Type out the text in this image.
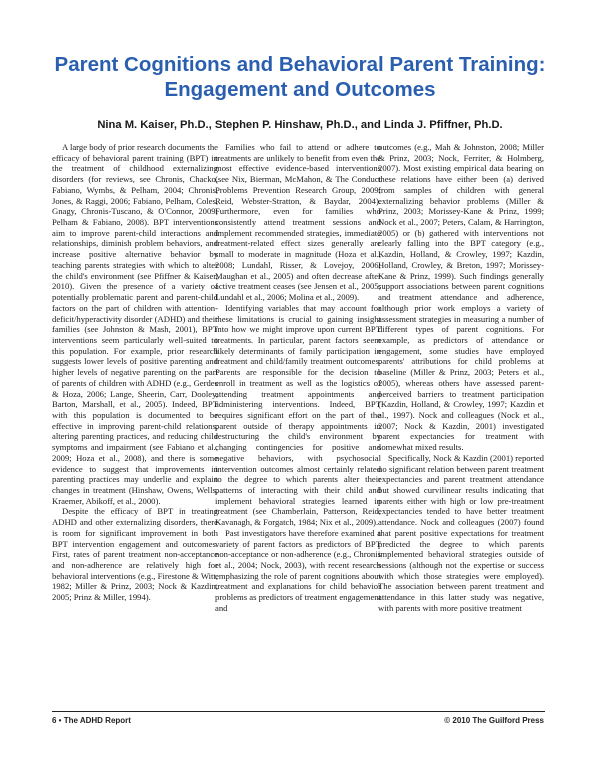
Parent Cognitions and Behavioral Parent Training: Engagement and Outcomes
Nina M. Kaiser, Ph.D., Stephen P. Hinshaw, Ph.D., and Linda J. Pfiffner, Ph.D.

A large body of prior research documents the efficacy of behavioral parent training (BPT) in the treatment of childhood externalizing disorders (for reviews, see Chronis, Chacko, Fabiano, Wymbs, & Pelham, 2004; Chronis, Jones, & Raggi, 2006; Fabiano, Pelham, Coles, Gnagy, Chronis-Tuscano, & O'Connor, 2009; Pelham & Fabiano, 2008). BPT interventions aim to improve parent-child interactions and relationships, diminish problem behaviors, and increase positive alternative behavior by teaching parents strategies with which to alter the child's environment (see Pfiffner & Kaiser, 2010). Given the presence of a variety of potentially problematic parent and parent-child factors on the part of children with attention-deficit/hyperactivity disorder (ADHD) and their families (see Johnston & Mash, 2001), BPT interventions seem particularly well-suited to this population. For example, prior research suggests lower levels of positive parenting and higher levels of negative parenting on the part of parents of children with ADHD (e.g., Gerdes & Hoza, 2006; Lange, Sheerin, Carr, Dooley, Barton, Marshall, et al., 2005). Indeed, BPT with this population is documented to be effective in improving parent-child relations, altering parenting practices, and reducing child symptoms and impairment (see Fabiano et al., 2009; Hoza et al., 2008), and there is some evidence to suggest that improvements in parenting practices may underlie and explain changes in treatment (Hinshaw, Owens, Wells, Kraemer, Abikoff, et al., 2000).

Despite the efficacy of BPT in treating ADHD and other externalizing disorders, there is room for significant improvement in both BPT intervention engagement and outcomes. First, rates of parent treatment non-acceptance and non-adherence are relatively high for behavioral interventions (e.g., Firestone & Witt, 1982; Miller & Prinz, 2003; Nock & Kazdin, 2005; Prinz & Miller, 1994).

Families who fail to attend or adhere to treatments are unlikely to benefit from even the most effective evidence-based interventions (see Nix, Bierman, McMahon, & The Conduct Problems Prevention Research Group, 2009; Reid, Webster-Stratton, & Baydar, 2004). Furthermore, even for families who consistently attend treatment sessions and implement recommended strategies, immediate treatment-related effect sizes generally are small to moderate in magnitude (Hoza et al., 2008; Lundahl, Risser, & Lovejoy, 2006; Maughan et al., 2005) and often decrease after active treatment ceases (see Jensen et al., 2005; Lundahl et al., 2006; Molina et al., 2009).

Identifying variables that may account for these limitations is crucial to gaining insight into how we might improve upon current BPT treatments. In particular, parent factors seem likely determinants of family participation in treatment and child/family treatment outcomes. Parents are responsible for the decision to enroll in treatment as well as the logistics of attending treatment appointments and administering interventions. Indeed, BPT requires significant effort on the part of the parent outside of therapy appointments in restructuring the child's environment by changing contingencies for positive and negative behaviors, with psychosocial intervention outcomes almost certainly related to the degree to which parents alter their patterns of interacting with their child and implement behavioral strategies learned in treatment (see Chamberlain, Patterson, Reid, Kavanagh, & Forgatch, 1984; Nix et al., 2009).

Past investigators have therefore examined a variety of parent factors as predictors of BPT non-acceptance or non-adherence (e.g., Chronis et al., 2004; Nock, 2003), with recent research emphasizing the role of parent cognitions about treatment and explanations for child behavior problems as predictors of treatment engagement and

outcomes (e.g., Mah & Johnston, 2008; Miller & Prinz, 2003; Nock, Ferriter, & Holmberg, 2007). Most existing empirical data bearing on these relations have either been (a) derived from samples of children with general externalizing behavior problems (Miller & Prinz, 2003; Morissey-Kane & Prinz, 1999; Nock et al., 2007; Peters, Calam, & Harrington, 2005) or (b) gathered with interventions not clearly falling into the BPT category (e.g., Kazdin, Holland, & Crowley, 1997; Kazdin, Holland, Crowley, & Breton, 1997; Morissey-Kane & Prinz, 1999). Such findings generally support associations between parent cognitions and treatment attendance and adherence, although prior work employs a variety of assessment strategies in measuring a number of different types of parent cognitions. For example, as predictors of attendance or engagement, some studies have employed parents' attributions for child problems at baseline (Miller & Prinz, 2003; Peters et al., 2005), whereas others have assessed parent-perceived barriers to treatment participation (Kazdin, Holland, & Crowley, 1997; Kazdin et al., 1997). Nock and colleagues (Nock et al., 2007; Nock & Kazdin, 2001) investigated parent expectancies for treatment with somewhat mixed results.

Specifically, Nock & Kazdin (2001) reported no significant relation between parent treatment expectancies and parent treatment attendance but showed curvilinear results indicating that parents either with high or low pre-treatment expectancies tended to have better treatment attendance. Nock and colleagues (2007) found that parent positive expectations for treatment predicted the degree to which parents implemented behavioral strategies outside of sessions (although not the expertise or success with which those strategies were employed). The association between parent treatment and attendance in this latter study was negative, with parents with more positive treatment

6 • The ADHD Report	© 2010 The Guilford Press
